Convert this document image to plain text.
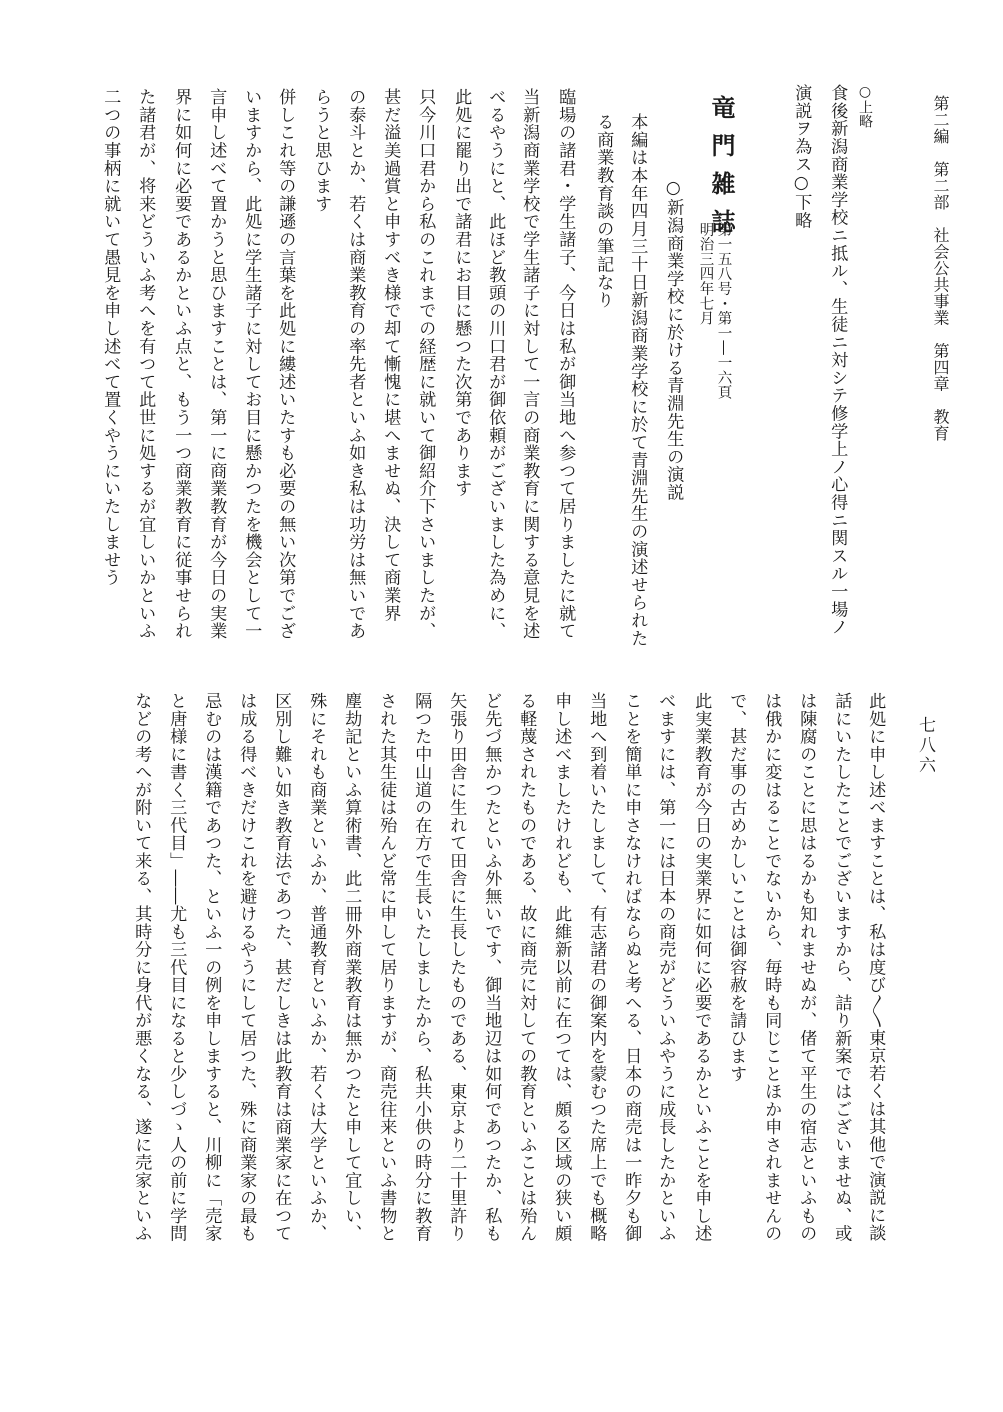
第二編　第二部　社会公共事業　第四章　教育
七八六
○上略
食後新潟商業学校ニ抵ル、生徒ニ対シテ修学上ノ心得ニ関スル一場ノ
演説ヲ為ス○下略
竜門雑誌
第一五八号・第一―一六頁
明治三四年七月
○新潟商業学校に於ける青淵先生の演説
本編は本年四月三十日新潟商業学校に於て青淵先生の演述せられた
る商業教育談の筆記なり
臨場の諸君・学生諸子、今日は私が御当地へ参つて居りましたに就て
当新潟商業学校で学生諸子に対して一言の商業教育に関する意見を述
べるやうにと、此ほど教頭の川口君が御依頼がございました為めに、
此処に罷り出で諸君にお目に懸つた次第であります
只今川口君から私のこれまでの経歴に就いて御紹介下さいましたが、
甚だ溢美過賞と申すべき様で却て慚愧に堪へませぬ、決して商業界
の泰斗とか、若くは商業教育の率先者といふ如き私は功労は無いであ
らうと思ひます
併しこれ等の謙遜の言葉を此処に縷述いたすも必要の無い次第でござ
いますから、此処に学生諸子に対してお目に懸かつたを機会として一
言申し述べて置かうと思ひますことは、第一に商業教育が今日の実業
界に如何に必要であるかといふ点と、もう一つ商業教育に従事せられ
た諸君が、将来どういふ考へを有つて此世に処するが宜しいかといふ
二つの事柄に就いて愚見を申し述べて置くやうにいたしませう
此処に申し述べますことは、私は度び〳〵東京若くは其他で演説に談
話にいたしたことでございますから、詰り新案ではございませぬ、或
は陳腐のことに思はるかも知れませぬが、偖て平生の宿志といふもの
は俄かに変はることでないから、毎時も同じことほか申されませんの
で、甚だ事の古めかしいことは御容赦を請ひます
此実業教育が今日の実業界に如何に必要であるかといふことを申し述
べますには、第一には日本の商売がどういふやうに成長したかといふ
ことを簡単に申さなければならぬと考へる、日本の商売は一昨夕も御
当地へ到着いたしまして、有志諸君の御案内を蒙むつた席上でも概略
申し述べましたけれども、此維新以前に在つては、頗る区域の狭い頗
る軽蔑されたものである、故に商売に対しての教育といふことは殆ん
ど先づ無かつたといふ外無いです、御当地辺は如何であつたか、私も
矢張り田舎に生れて田舎に生長したものである、東京より二十里許り
隔つた中山道の在方で生長いたしましたから、私共小供の時分に教育
された其生徒は殆んど常に申して居りますが、商売往来といふ書物と
塵劫記といふ算術書、此二冊外商業教育は無かつたと申して宜しい、
殊にそれも商業といふか、普通教育といふか、若くは大学といふか、
区別し難い如き教育法であつた、甚だしきは此教育は商業家に在つて
は成る得べきだけこれを避けるやうにして居つた、殊に商業家の最も
忌むのは漢籍であつた、といふ一の例を申しますると、川柳に「売家
と唐様に書く三代目」――尤も三代目になると少しづゝ人の前に学問
などの考へが附いて来る、其時分に身代が悪くなる、遂に売家といふ
